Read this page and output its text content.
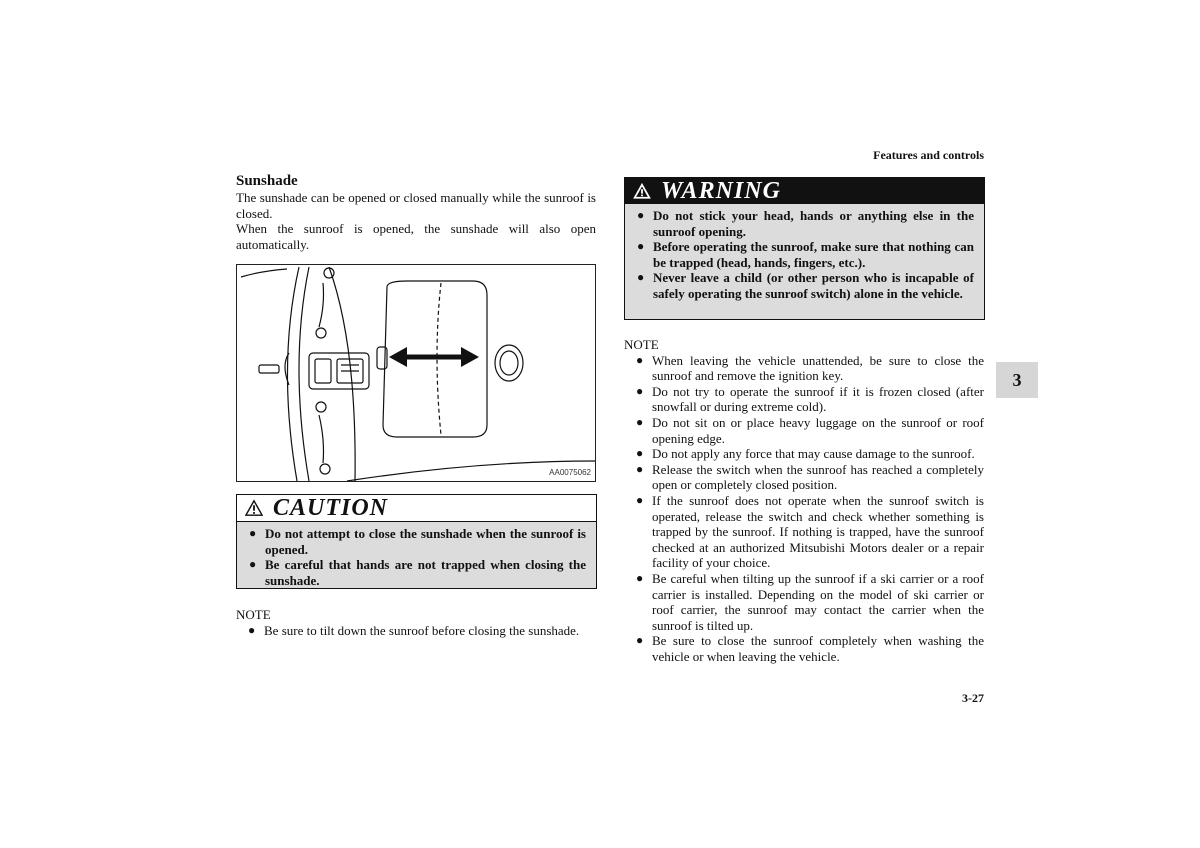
Features and controls
3
3-27
Sunshade

The sunshade can be opened or closed manually while the sunroof is closed.

When the sunroof is opened, the sunshade will also open automatically.

AA0075062
CAUTION
● Do not attempt to close the sunshade when the sunroof is opened.
● Be careful that hands are not trapped when closing the sunshade.
NOTE
● Be sure to tilt down the sunroof before closing the sunshade.
WARNING
● Do not stick your head, hands or anything else in the sunroof opening.
● Before operating the sunroof, make sure that nothing can be trapped (head, hands, fingers, etc.).
● Never leave a child (or other person who is incapable of safely operating the sunroof switch) alone in the vehicle.
NOTE
● When leaving the vehicle unattended, be sure to close the sunroof and remove the ignition key.
● Do not try to operate the sunroof if it is frozen closed (after snowfall or during extreme cold).
● Do not sit on or place heavy luggage on the sunroof or roof opening edge.
● Do not apply any force that may cause damage to the sunroof.
● Release the switch when the sunroof has reached a completely open or completely closed position.
● If the sunroof does not operate when the sunroof switch is operated, release the switch and check whether something is trapped by the sunroof. If nothing is trapped, have the sunroof checked at an authorized Mitsubishi Motors dealer or a repair facility of your choice.
● Be careful when tilting up the sunroof if a ski carrier or a roof carrier is installed. Depending on the model of ski carrier or roof carrier, the sunroof may contact the carrier when the sunroof is tilted up.
● Be sure to close the sunroof completely when washing the vehicle or when leaving the vehicle.
